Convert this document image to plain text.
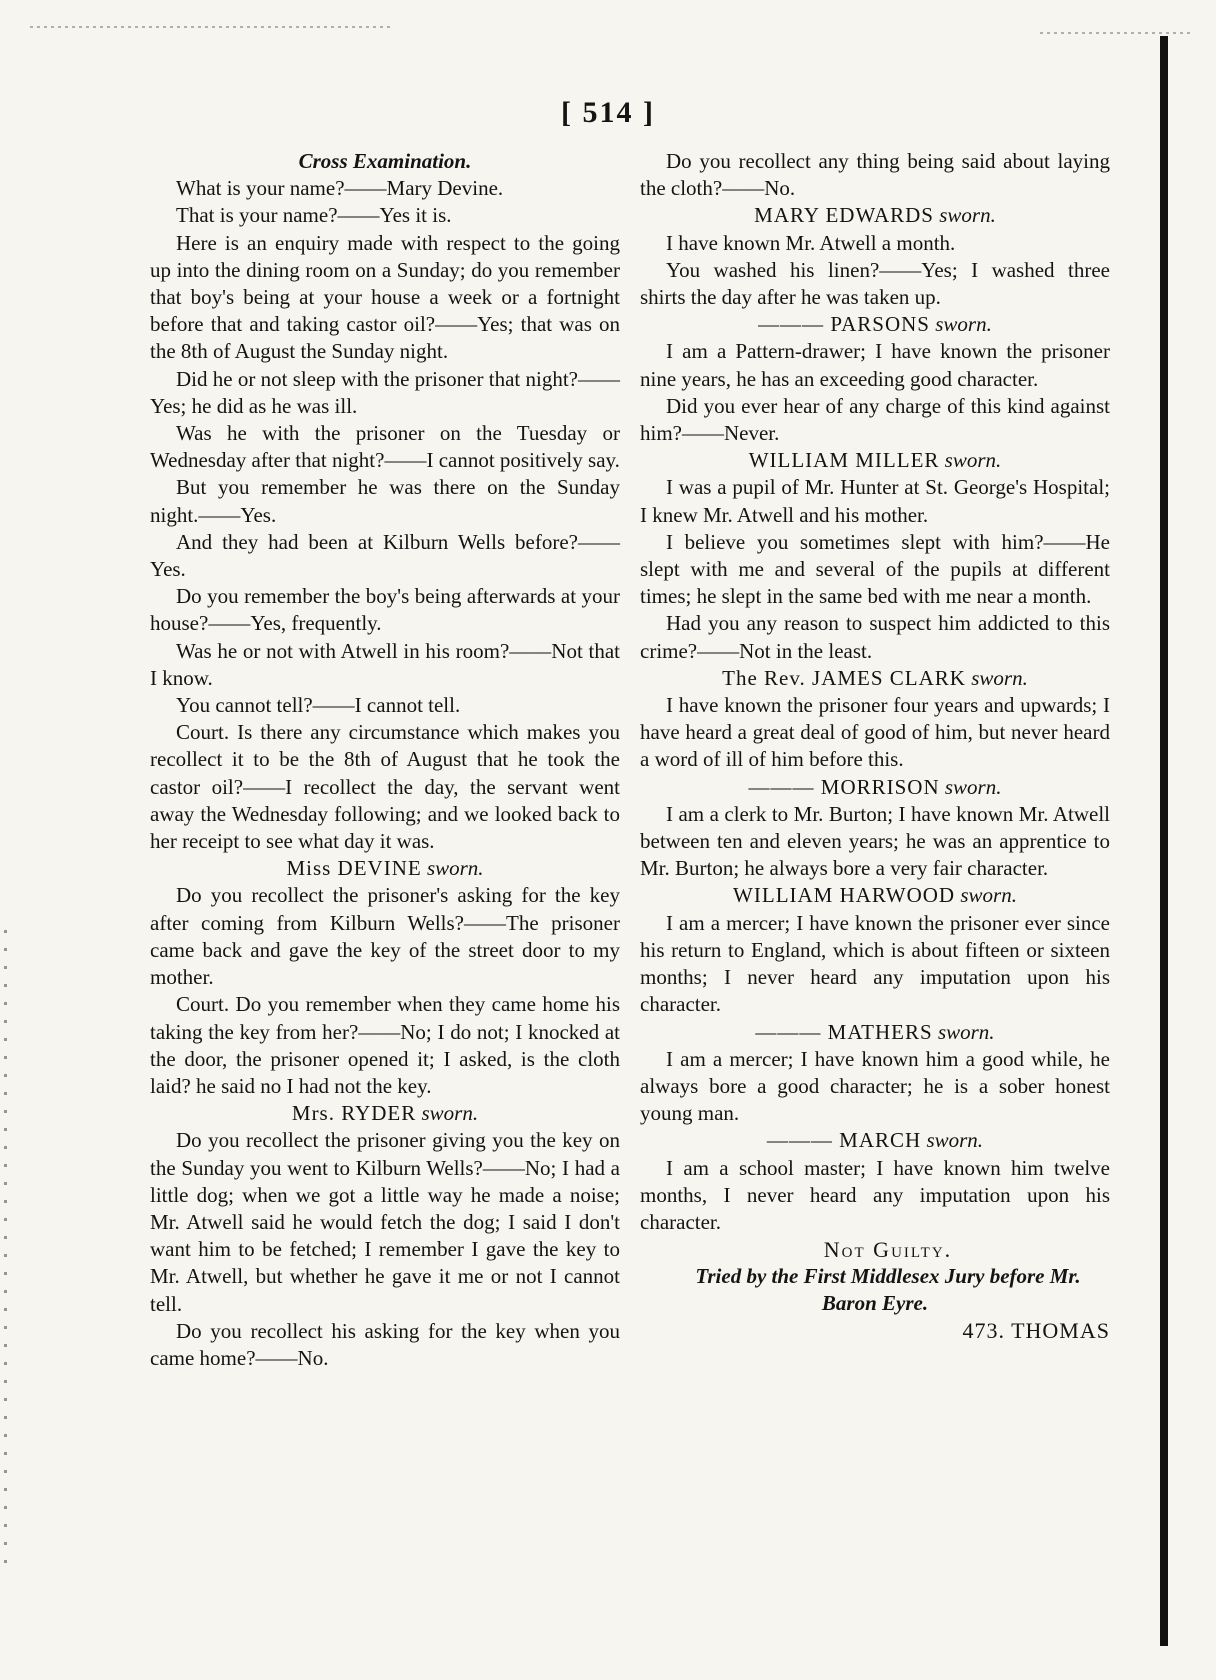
[ 514 ]

Cross Examination.

What is your name?——Mary Devine.

That is your name?——Yes it is.

Here is an enquiry made with respect to the going up into the dining room on a Sunday; do you remember that boy's being at your house a week or a fortnight before that and taking castor oil?——Yes; that was on the 8th of August the Sunday night.

Did he or not sleep with the prisoner that night?——Yes; he did as he was ill.

Was he with the prisoner on the Tuesday or Wednesday after that night?——I cannot positively say.

But you remember he was there on the Sunday night.——Yes.

And they had been at Kilburn Wells before?——Yes.

Do you remember the boy's being afterwards at your house?——Yes, frequently.

Was he or not with Atwell in his room?——Not that I know.

You cannot tell?——I cannot tell.

Court. Is there any circumstance which makes you recollect it to be the 8th of August that he took the castor oil?——I recollect the day, the servant went away the Wednesday following; and we looked back to her receipt to see what day it was.

Miss DEVINE sworn.

Do you recollect the prisoner's asking for the key after coming from Kilburn Wells?——The prisoner came back and gave the key of the street door to my mother.

Court. Do you remember when they came home his taking the key from her?——No; I do not; I knocked at the door, the prisoner opened it; I asked, is the cloth laid? he said no I had not the key.

Mrs. RYDER sworn.

Do you recollect the prisoner giving you the key on the Sunday you went to Kilburn Wells?——No; I had a little dog; when we got a little way he made a noise; Mr. Atwell said he would fetch the dog; I said I don't want him to be fetched; I remember I gave the key to Mr. Atwell, but whether he gave it me or not I cannot tell.

Do you recollect his asking for the key when you came home?——No.

Do you recollect any thing being said about laying the cloth?——No.

MARY EDWARDS sworn.

I have known Mr. Atwell a month.

You washed his linen?——Yes; I washed three shirts the day after he was taken up.

——— PARSONS sworn.

I am a Pattern-drawer; I have known the prisoner nine years, he has an exceeding good character.

Did you ever hear of any charge of this kind against him?——Never.

WILLIAM MILLER sworn.

I was a pupil of Mr. Hunter at St. George's Hospital; I knew Mr. Atwell and his mother.

I believe you sometimes slept with him?——He slept with me and several of the pupils at different times; he slept in the same bed with me near a month.

Had you any reason to suspect him addicted to this crime?——Not in the least.

The Rev. JAMES CLARK sworn.

I have known the prisoner four years and upwards; I have heard a great deal of good of him, but never heard a word of ill of him before this.

——— MORRISON sworn.

I am a clerk to Mr. Burton; I have known Mr. Atwell between ten and eleven years; he was an apprentice to Mr. Burton; he always bore a very fair character.

WILLIAM HARWOOD sworn.

I am a mercer; I have known the prisoner ever since his return to England, which is about fifteen or sixteen months; I never heard any imputation upon his character.

——— MATHERS sworn.

I am a mercer; I have known him a good while, he always bore a good character; he is a sober honest young man.

——— MARCH sworn.

I am a school master; I have known him twelve months, I never heard any imputation upon his character.

Not Guilty.

Tried by the First Middlesex Jury before Mr. Baron Eyre.

473. THOMAS
